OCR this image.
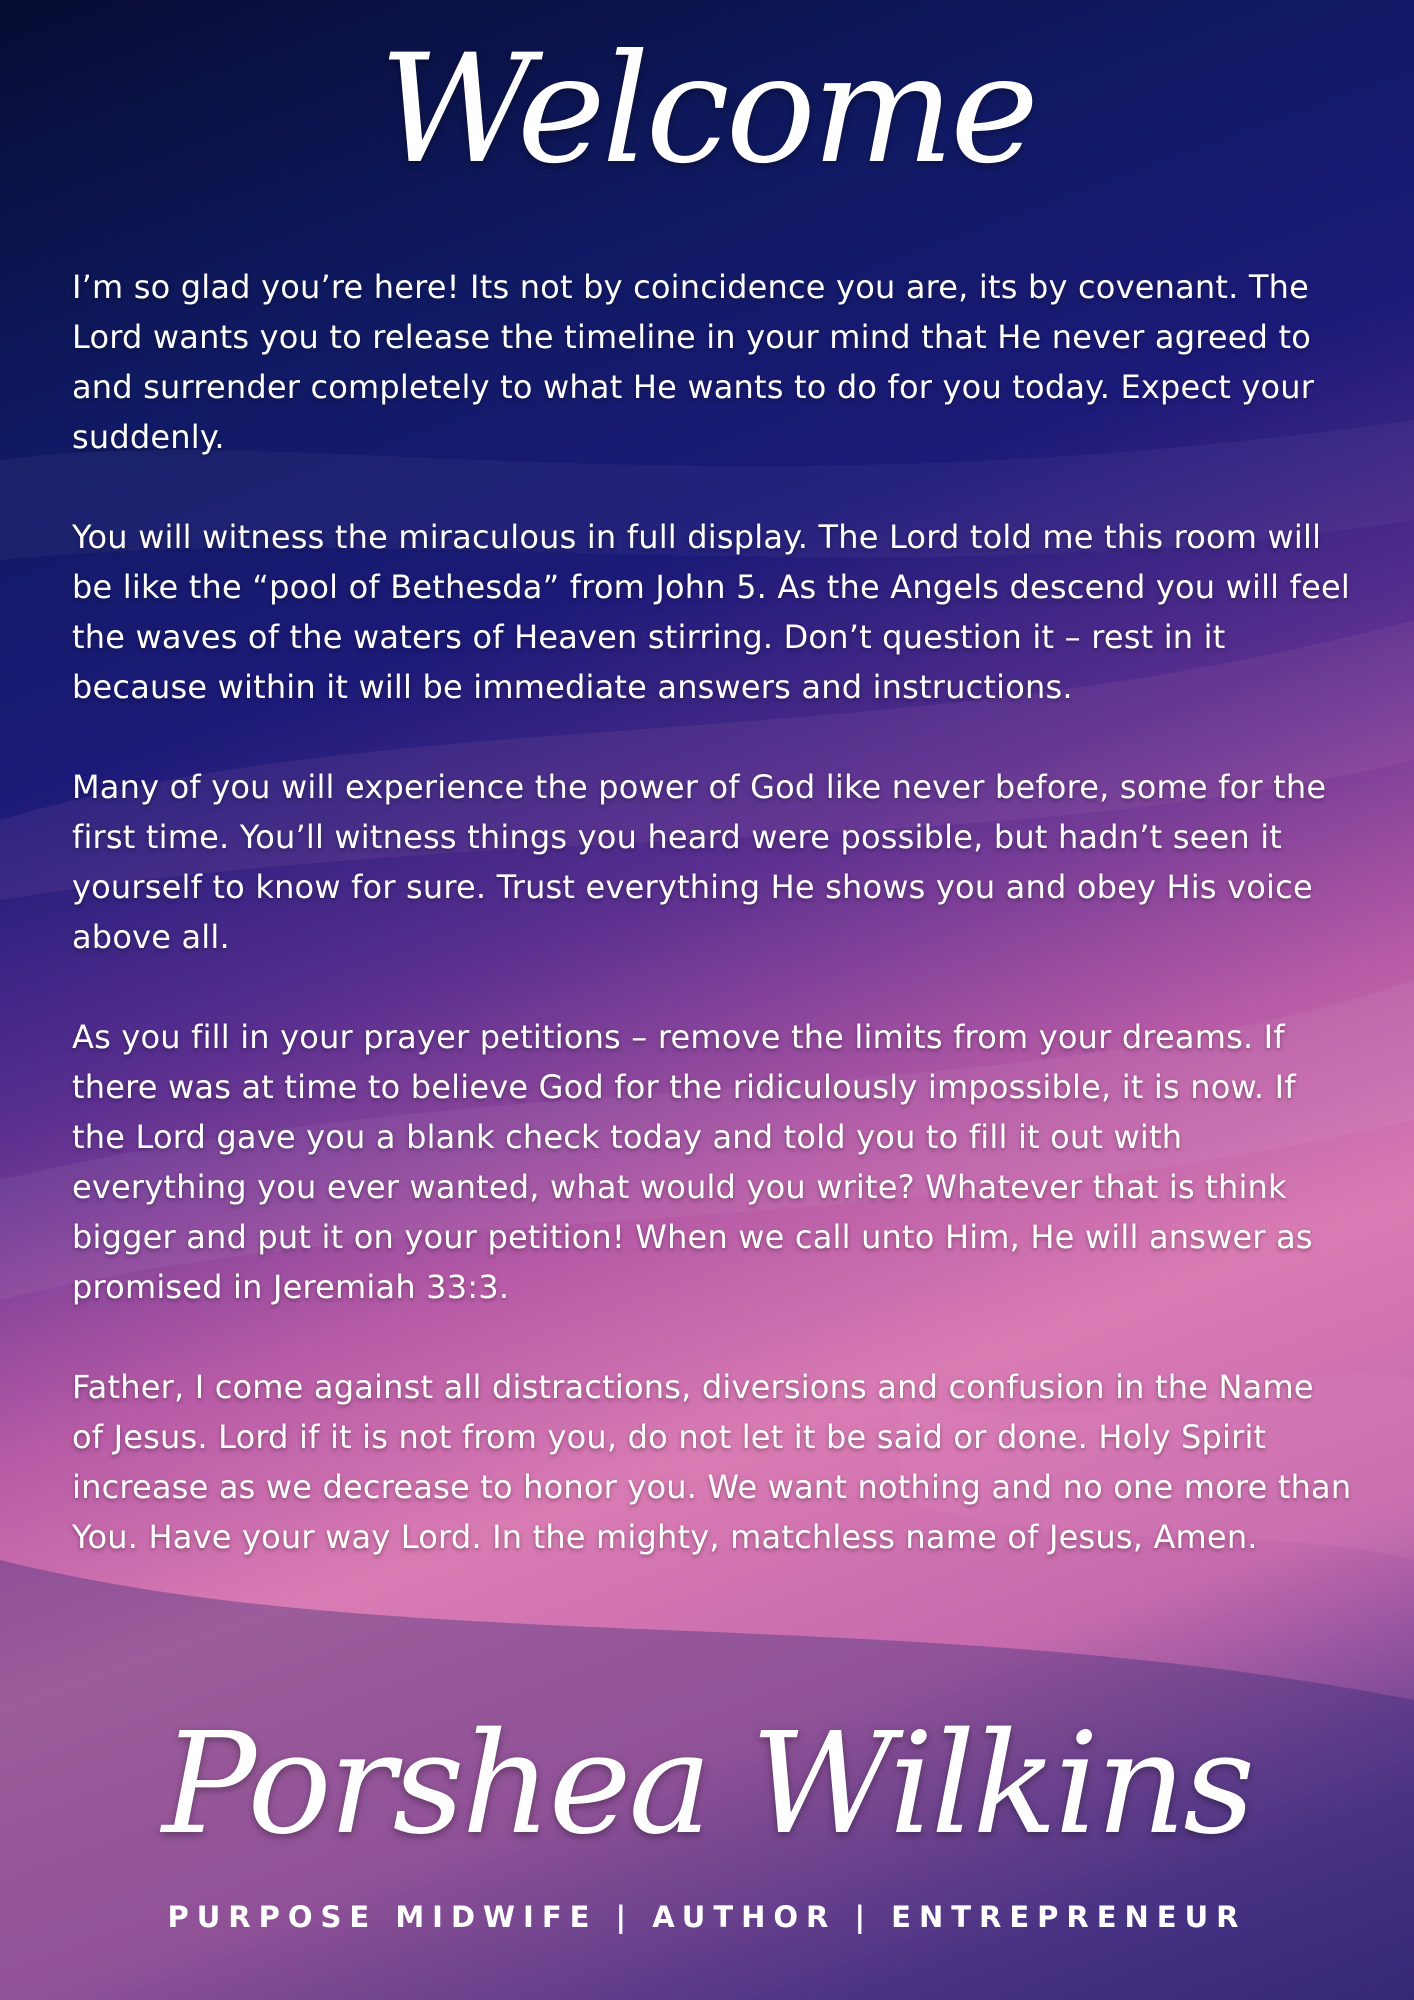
Welcome

I’m so glad you’re here! Its not by coincidence you are, its by covenant. The Lord wants you to release the timeline in your mind that He never agreed to and surrender completely to what He wants to do for you today. Expect your suddenly.

You will witness the miraculous in full display. The Lord told me this room will be like the “pool of Bethesda” from John 5. As the Angels descend you will feel the waves of the waters of Heaven stirring. Don’t question it – rest in it because within it will be immediate answers and instructions.

Many of you will experience the power of God like never before, some for the first time. You’ll witness things you heard were possible, but hadn’t seen it yourself to know for sure. Trust everything He shows you and obey His voice above all.

As you fill in your prayer petitions – remove the limits from your dreams. If there was at time to believe God for the ridiculously impossible, it is now. If the Lord gave you a blank check today and told you to fill it out with everything you ever wanted, what would you write? Whatever that is think bigger and put it on your petition! When we call unto Him, He will answer as promised in Jeremiah 33:3.

Father, I come against all distractions, diversions and confusion in the Name of Jesus. Lord if it is not from you, do not let it be said or done. Holy Spirit increase as we decrease to honor you. We want nothing and no one more than You. Have your way Lord. In the mighty, matchless name of Jesus, Amen.

Porshea Wilkins
PURPOSE MIDWIFE | AUTHOR | ENTREPRENEUR
